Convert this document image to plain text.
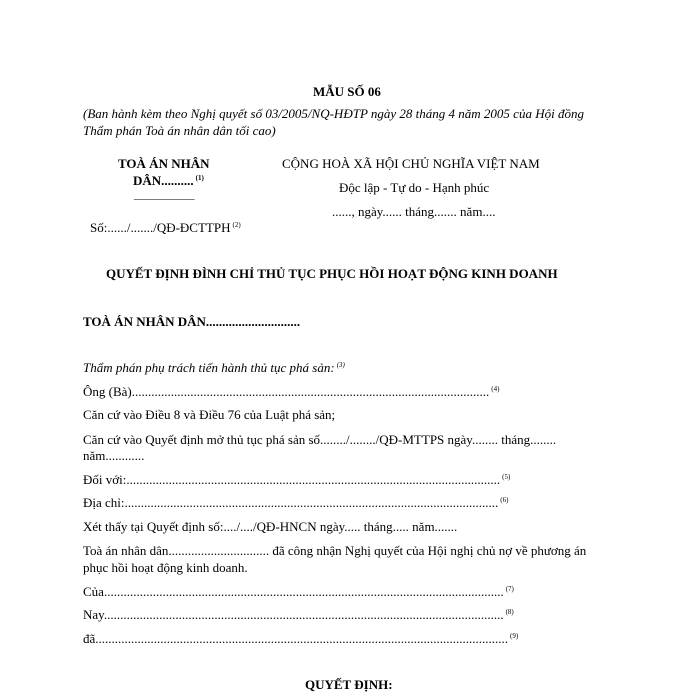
MẪU SỐ 06
(Ban hành kèm theo Nghị quyết số 03/2005/NQ-HĐTP ngày 28 tháng 4 năm 2005 của Hội đồng
Thẩm phán Toà án nhân dân tối cao)
TOÀ ÁN NHÂN
DÂN.......... $^{(1)}$
___________
Số:....../......./QĐ-ĐCTTPH $^{(2)}$
CỘNG HOÀ XÃ HỘI CHỦ NGHĨA VIỆT NAM
Độc lập - Tự do - Hạnh phúc
......, ngày...... tháng....... năm....
QUYẾT ĐỊNH ĐÌNH CHỈ THỦ TỤC PHỤC HỒI HOẠT ĐỘNG KINH DOANH
TOÀ ÁN NHÂN DÂN.............................
Thẩm phán phụ trách tiến hành thủ tục phá sản: $^{(3)}$
Ông (Bà).............................................................................................................. $^{(4)}$
Căn cứ vào Điều 8 và Điều 76 của Luật phá sản;
Căn cứ vào Quyết định mở thủ tục phá sản số......../......../QĐ-MTTPS ngày........ tháng........
năm............
Đối với:................................................................................................................... $^{(5)}$
Địa chỉ:................................................................................................................... $^{(6)}$
Xét thấy tại Quyết định số:..../..../QĐ-HNCN ngày..... tháng..... năm.......
Toà án nhân dân............................... đã công nhận Nghị quyết của Hội nghị chủ nợ về phương án
phục hồi hoạt động kinh doanh.
Của........................................................................................................................... $^{(7)}$
Nay........................................................................................................................... $^{(8)}$
đã............................................................................................................................... $^{(9)}$
QUYẾT ĐỊNH:
